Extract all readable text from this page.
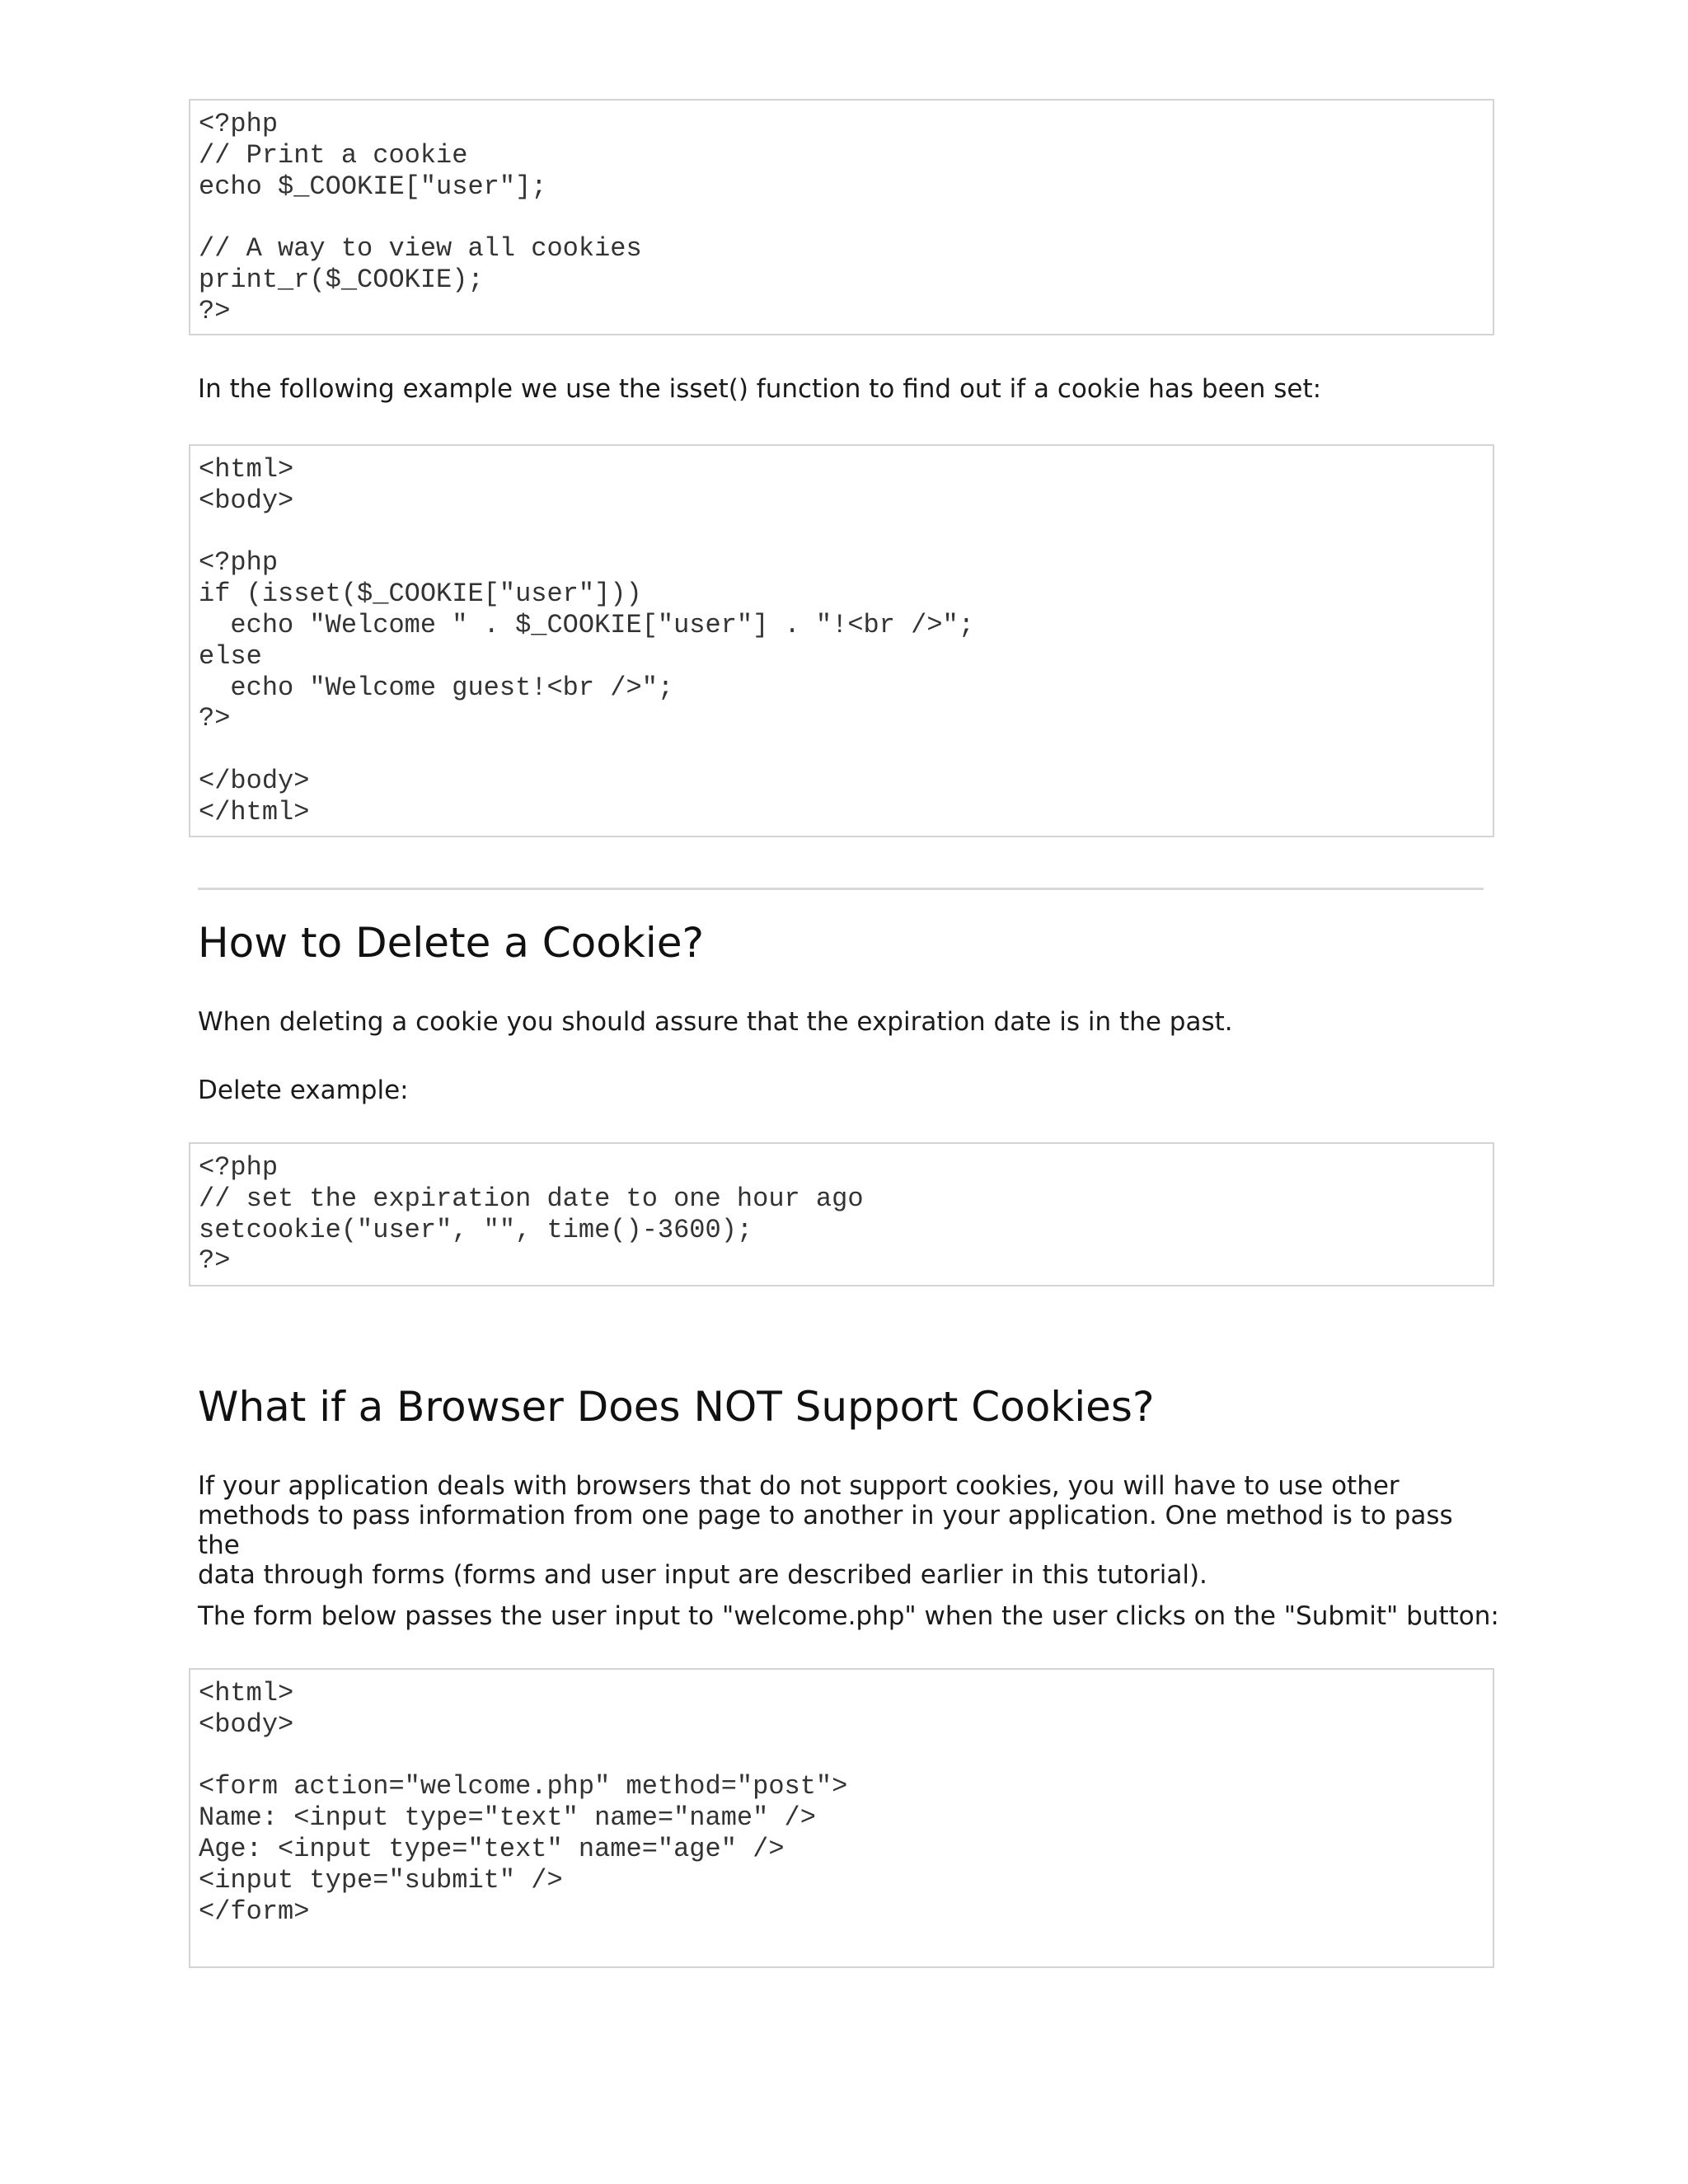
<?php
// Print a cookie
echo $_COOKIE["user"];

// A way to view all cookies
print_r($_COOKIE);
?>

In the following example we use the isset() function to find out if a cookie has been set:

<html>
<body>

<?php
if (isset($_COOKIE["user"]))
echo "Welcome " . $_COOKIE["user"] . "!<br />";
else
echo "Welcome guest!<br />";
?>

</body>
</html>
How to Delete a Cookie?

When deleting a cookie you should assure that the expiration date is in the past.

Delete example:

<?php
// set the expiration date to one hour ago
setcookie("user", "", time()-3600);
?>
What if a Browser Does NOT Support Cookies?
If your application deals with browsers that do not support cookies, you will have to use other
methods to pass information from one page to another in your application. One method is to pass the
data through forms (forms and user input are described earlier in this tutorial).

The form below passes the user input to "welcome.php" when the user clicks on the "Submit" button:

<html>
<body>

<form action="welcome.php" method="post">
Name: <input type="text" name="name" />
Age: <input type="text" name="age" />
<input type="submit" />
</form>
